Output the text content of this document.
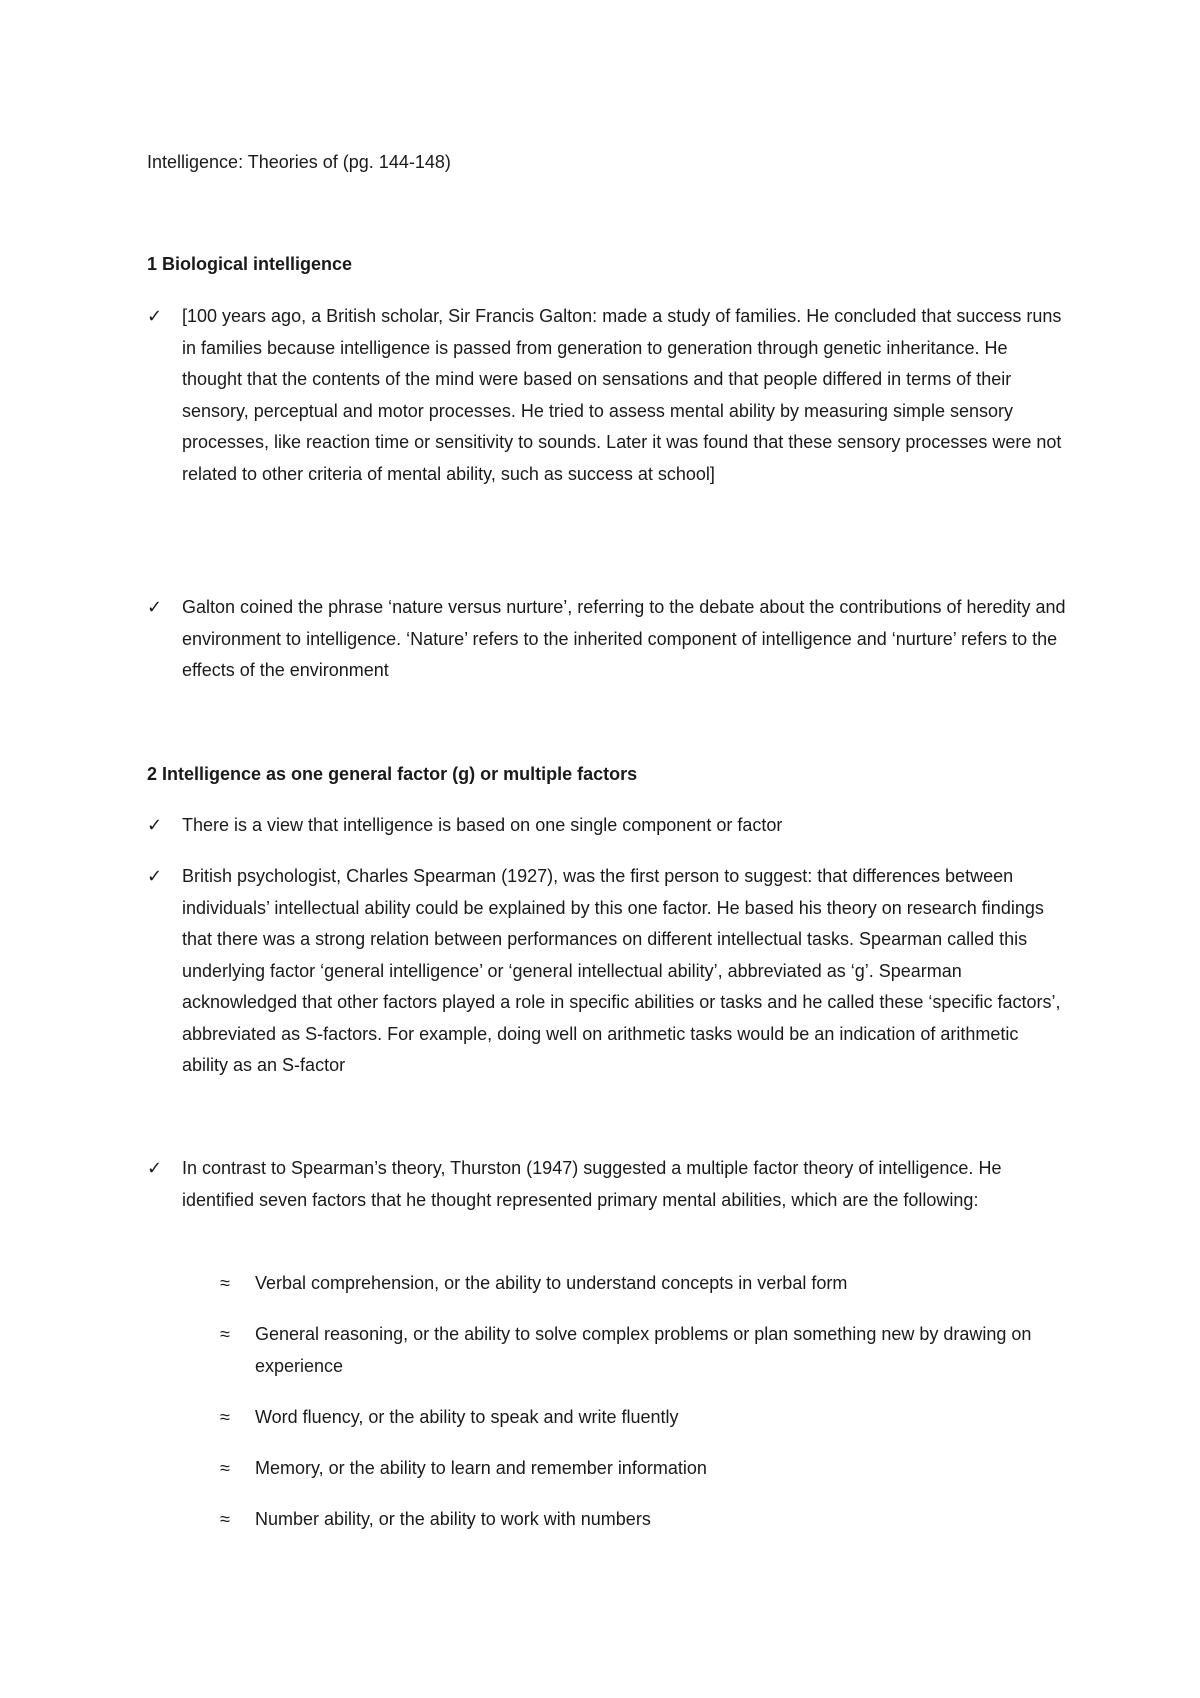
Intelligence: Theories of (pg. 144-148)
1 Biological intelligence
✓	[100 years ago, a British scholar, Sir Francis Galton: made a study of families. He concluded that success runs in families because intelligence is passed from generation to generation through genetic inheritance. He thought that the contents of the mind were based on sensations and that people differed in terms of their sensory, perceptual and motor processes. He tried to assess mental ability by measuring simple sensory processes, like reaction time or sensitivity to sounds. Later it was found that these sensory processes were not related to other criteria of mental ability, such as success at school]
✓	Galton coined the phrase ‘nature versus nurture’, referring to the debate about the contributions of heredity and environment to intelligence. ‘Nature’ refers to the inherited component of intelligence and ‘nurture’ refers to the effects of the environment
2 Intelligence as one general factor (g) or multiple factors
✓	There is a view that intelligence is based on one single component or factor
✓	British psychologist, Charles Spearman (1927), was the first person to suggest: that differences between individuals’ intellectual ability could be explained by this one factor. He based his theory on research findings that there was a strong relation between performances on different intellectual tasks. Spearman called this underlying factor ‘general intelligence’ or ‘general intellectual ability’, abbreviated as ‘g’. Spearman acknowledged that other factors played a role in specific abilities or tasks and he called these ‘specific factors’, abbreviated as S-factors. For example, doing well on arithmetic tasks would be an indication of arithmetic ability as an S-factor
✓	In contrast to Spearman’s theory, Thurston (1947) suggested a multiple factor theory of intelligence. He identified seven factors that he thought represented primary mental abilities, which are the following:
≈	Verbal comprehension, or the ability to understand concepts in verbal form
≈	General reasoning, or the ability to solve complex problems or plan something new by drawing on experience
≈	Word fluency, or the ability to speak and write fluently
≈	Memory, or the ability to learn and remember information
≈	Number ability, or the ability to work with numbers
